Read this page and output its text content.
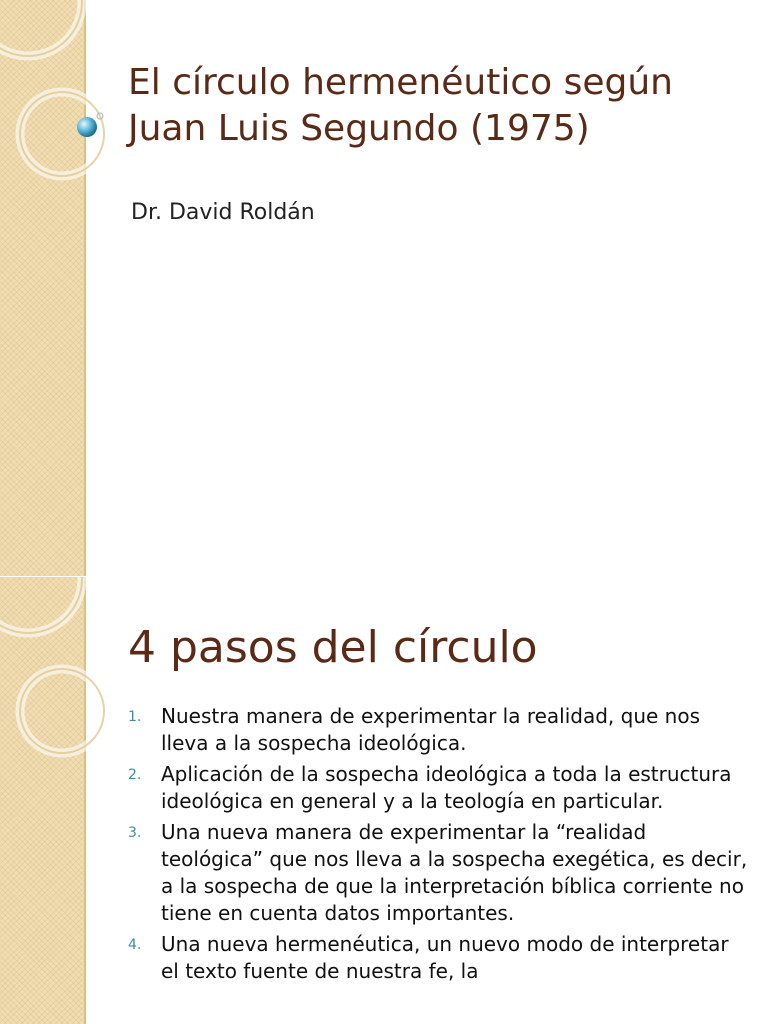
El círculo hermenéutico según Juan Luis Segundo (1975)

Dr. David Roldán

4 pasos del círculo
1. Nuestra manera de experimentar la realidad, que nos lleva a la sospecha ideológica.
2. Aplicación de la sospecha ideológica a toda la estructura ideológica en general y a la teología en particular.
3. Una nueva manera de experimentar la “realidad teológica” que nos lleva a la sospecha exegética, es decir, a la sospecha de que la interpretación bíblica corriente no tiene en cuenta datos importantes.
4. Una nueva hermenéutica, un nuevo modo de interpretar el texto fuente de nuestra fe, la
